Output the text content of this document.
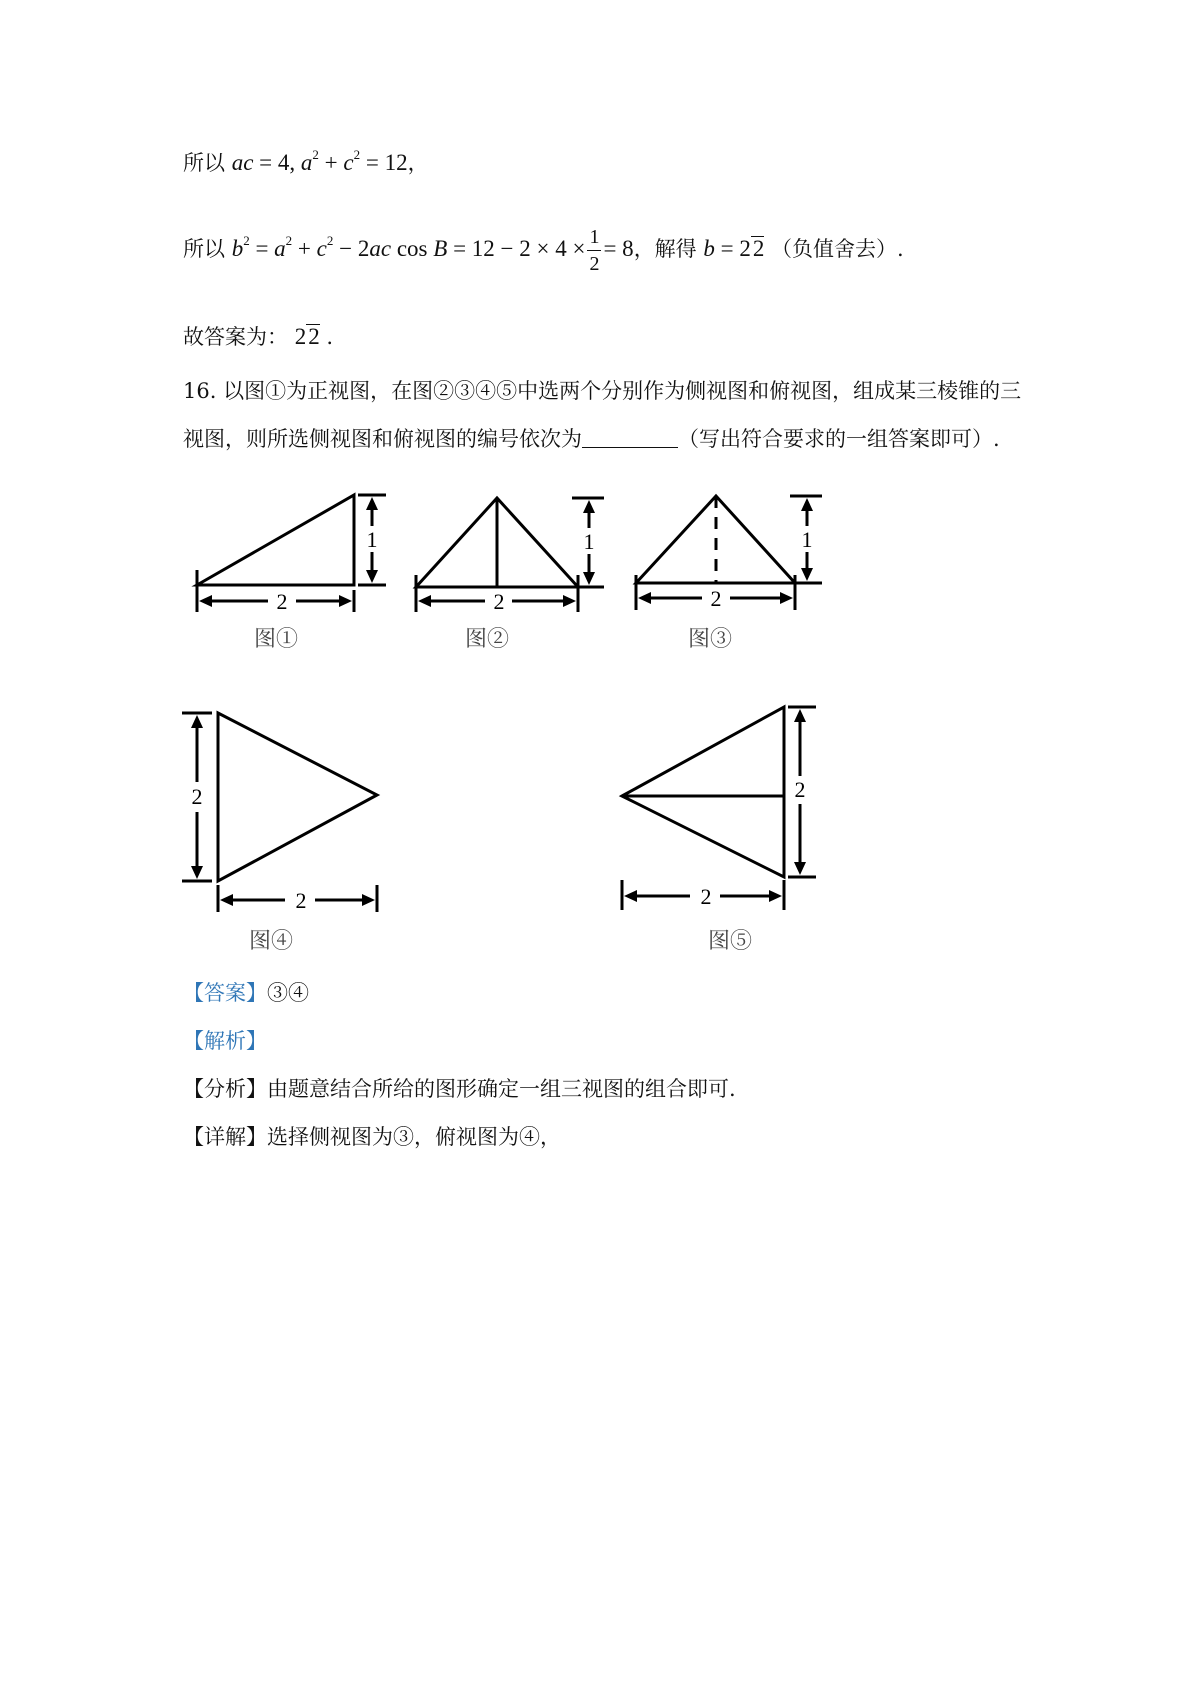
所以 ac = 4, $a^2 + c^2 = 12$，
所以 $b^2 = a^2 + c^2 - 2ac$ $\cos B = 12 - 2 \times 4 \times \frac{1}{2} = 8$，解得 b = 22 （负值舍去）.
故答案为： 22 .
16. 以图①为正视图，在图②③④⑤中选两个分别作为侧视图和俯视图，组成某三棱锥的三
视图，则所选侧视图和俯视图的编号依次为	（写出符合要求的一组答案即可）.
2
1
2
1
2
1
2
2
2
2
图①	图②	图③
图④	图⑤
【答案】③④
【解析】
【分析】由题意结合所给的图形确定一组三视图的组合即可.
【详解】选择侧视图为③，俯视图为④，
